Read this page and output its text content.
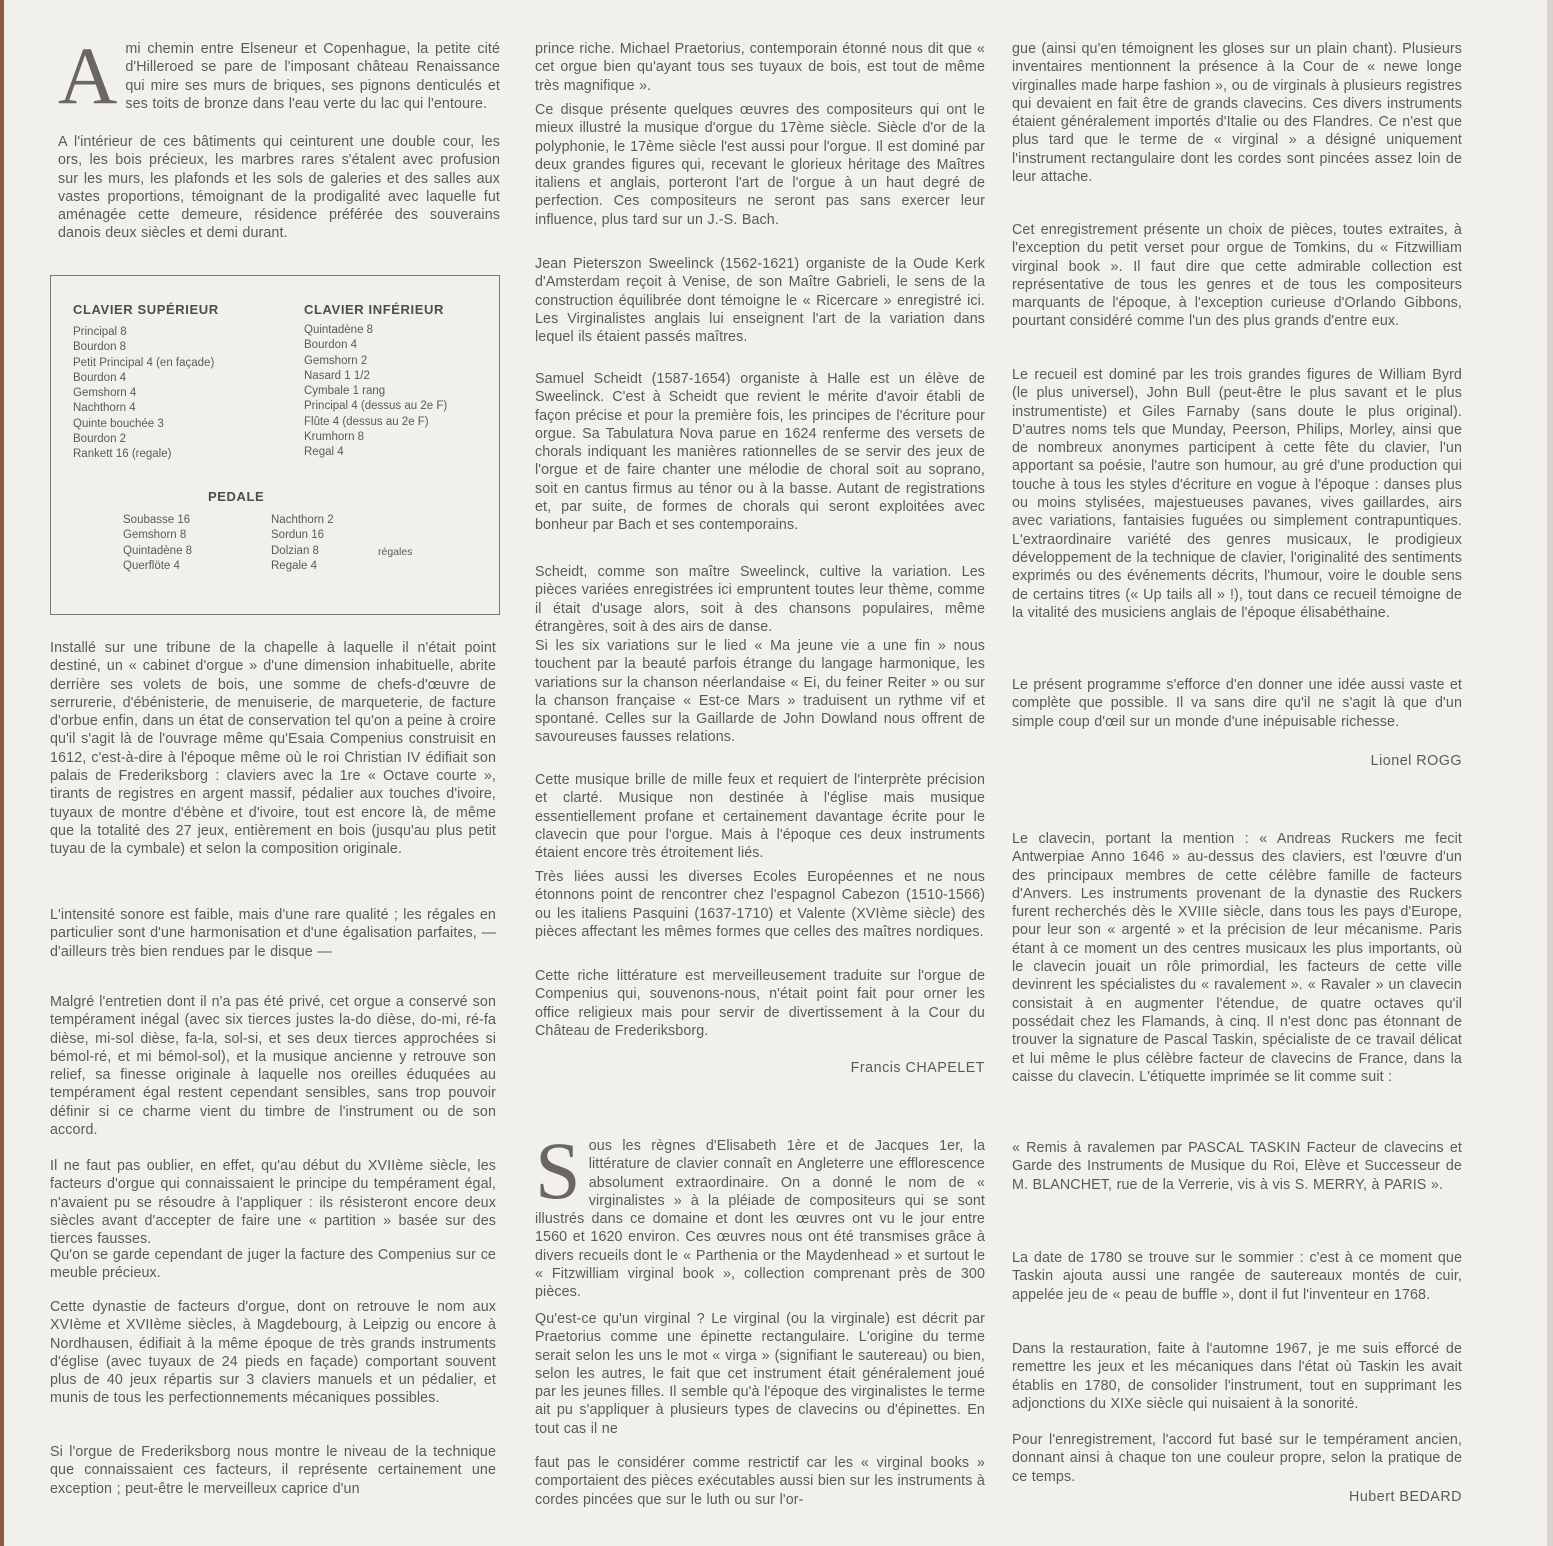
Ami chemin entre Elseneur et Copenhague, la petite cité d'Hilleroed se pare de l'imposant château Renaissance qui mire ses murs de briques, ses pignons denticulés et ses toits de bronze dans l'eau verte du lac qui l'entoure.

A l'intérieur de ces bâtiments qui ceinturent une double cour, les ors, les bois précieux, les marbres rares s'étalent avec profusion sur les murs, les plafonds et les sols de galeries et des salles aux vastes proportions, témoignant de la prodigalité avec laquelle fut aménagée cette demeure, résidence préférée des souverains danois deux siècles et demi durant.

CLAVIER SUPÉRIEUR
Principal 8
Bourdon 8
Petit Principal 4 (en façade)
Bourdon 4
Gemshorn 4
Nachthorn 4
Quinte bouchée 3
Bourdon 2
Rankett 16 (regale)
CLAVIER INFÉRIEUR
Quintadène 8
Bourdon 4
Gemshorn 2
Nasard 1 1/2
Cymbale 1 rang
Principal 4 (dessus au 2e F)
Flûte 4 (dessus au 2e F)
Krumhorn 8
Regal 4
PEDALE
Soubasse 16
Gemshorn 8
Quintadène 8
Querflöte 4
Nachthorn 2
Sordun 16
Dolzian 8
Regale 4
régales

Installé sur une tribune de la chapelle à laquelle il n'était point destiné, un « cabinet d'orgue » d'une dimension inhabituelle, abrite derrière ses volets de bois, une somme de chefs-d'œuvre de serrurerie, d'ébénisterie, de menuiserie, de marqueterie, de facture d'orbue enfin, dans un état de conservation tel qu'on a peine à croire qu'il s'agit là de l'ouvrage même qu'Esaia Compenius construisit en 1612, c'est-à-dire à l'époque même où le roi Christian IV édifiait son palais de Frederiksborg : claviers avec la 1re « Octave courte », tirants de registres en argent massif, pédalier aux touches d'ivoire, tuyaux de montre d'ébène et d'ivoire, tout est encore là, de même que la totalité des 27 jeux, entièrement en bois (jusqu'au plus petit tuyau de la cymbale) et selon la composition originale.

L'intensité sonore est faible, mais d'une rare qualité ; les régales en particulier sont d'une harmonisation et d'une égalisation parfaites, — d'ailleurs très bien rendues par le disque —

Malgré l'entretien dont il n'a pas été privé, cet orgue a conservé son tempérament inégal (avec six tierces justes la-do dièse, do-mi, ré-fa dièse, mi-sol dièse, fa-la, sol-si, et ses deux tierces approchées si bémol-ré, et mi bémol-sol), et la musique ancienne y retrouve son relief, sa finesse originale à laquelle nos oreilles éduquées au tempérament égal restent cependant sensibles, sans trop pouvoir définir si ce charme vient du timbre de l'instrument ou de son accord.

Il ne faut pas oublier, en effet, qu'au début du XVIIème siècle, les facteurs d'orgue qui connaissaient le principe du tempérament égal, n'avaient pu se résoudre à l'appliquer : ils résisteront encore deux siècles avant d'accepter de faire une « partition » basée sur des tierces fausses.

Qu'on se garde cependant de juger la facture des Compenius sur ce meuble précieux.

Cette dynastie de facteurs d'orgue, dont on retrouve le nom aux XVIème et XVIIème siècles, à Magdebourg, à Leipzig ou encore à Nordhausen, édifiait à la même époque de très grands instruments d'église (avec tuyaux de 24 pieds en façade) comportant souvent plus de 40 jeux répartis sur 3 claviers manuels et un pédalier, et munis de tous les perfectionnements mécaniques possibles.

Si l'orgue de Frederiksborg nous montre le niveau de la technique que connaissaient ces facteurs, il représente certainement une exception ; peut-être le merveilleux caprice d'un

prince riche. Michael Praetorius, contemporain étonné nous dit que « cet orgue bien qu'ayant tous ses tuyaux de bois, est tout de même très magnifique ».

Ce disque présente quelques œuvres des compositeurs qui ont le mieux illustré la musique d'orgue du 17ème siècle. Siècle d'or de la polyphonie, le 17ème siècle l'est aussi pour l'orgue. Il est dominé par deux grandes figures qui, recevant le glorieux héritage des Maîtres italiens et anglais, porteront l'art de l'orgue à un haut degré de perfection. Ces compositeurs ne seront pas sans exercer leur influence, plus tard sur un J.-S. Bach.

Jean Pieterszon Sweelinck (1562-1621) organiste de la Oude Kerk d'Amsterdam reçoit à Venise, de son Maître Gabrieli, le sens de la construction équilibrée dont témoigne le « Ricercare » enregistré ici. Les Virginalistes anglais lui enseignent l'art de la variation dans lequel ils étaient passés maîtres.

Samuel Scheidt (1587-1654) organiste à Halle est un élève de Sweelinck. C'est à Scheidt que revient le mérite d'avoir établi de façon précise et pour la première fois, les principes de l'écriture pour orgue. Sa Tabulatura Nova parue en 1624 renferme des versets de chorals indiquant les manières rationnelles de se servir des jeux de l'orgue et de faire chanter une mélodie de choral soit au soprano, soit en cantus firmus au ténor ou à la basse. Autant de registrations et, par suite, de formes de chorals qui seront exploitées avec bonheur par Bach et ses contemporains.

Scheidt, comme son maître Sweelinck, cultive la variation. Les pièces variées enregistrées ici empruntent toutes leur thème, comme il était d'usage alors, soit à des chansons populaires, même étrangères, soit à des airs de danse.

Si les six variations sur le lied « Ma jeune vie a une fin » nous touchent par la beauté parfois étrange du langage harmonique, les variations sur la chanson néerlandaise « Ei, du feiner Reiter » ou sur la chanson française « Est-ce Mars » traduisent un rythme vif et spontané. Celles sur la Gaillarde de John Dowland nous offrent de savoureuses fausses relations.

Cette musique brille de mille feux et requiert de l'interprète précision et clarté. Musique non destinée à l'église mais musique essentiellement profane et certainement davantage écrite pour le clavecin que pour l'orgue. Mais à l'époque ces deux instruments étaient encore très étroitement liés.

Très liées aussi les diverses Ecoles Européennes et ne nous étonnons point de rencontrer chez l'espagnol Cabezon (1510-1566) ou les italiens Pasquini (1637-1710) et Valente (XVIème siècle) des pièces affectant les mêmes formes que celles des maîtres nordiques.

Cette riche littérature est merveilleusement traduite sur l'orgue de Compenius qui, souvenons-nous, n'était point fait pour orner les office religieux mais pour servir de divertissement à la Cour du Château de Frederiksborg.

Francis CHAPELET

Sous les règnes d'Elisabeth 1ère et de Jacques 1er, la littérature de clavier connaît en Angleterre une efflorescence absolument extraordinaire. On a donné le nom de « virginalistes » à la pléiade de compositeurs qui se sont illustrés dans ce domaine et dont les œuvres ont vu le jour entre 1560 et 1620 environ. Ces œuvres nous ont été transmises grâce à divers recueils dont le « Parthenia or the Maydenhead » et surtout le « Fitzwilliam virginal book », collection comprenant près de 300 pièces.

Qu'est-ce qu'un virginal ? Le virginal (ou la virginale) est décrit par Praetorius comme une épinette rectangulaire. L'origine du terme serait selon les uns le mot « virga » (signifiant le sautereau) ou bien, selon les autres, le fait que cet instrument était généralement joué par les jeunes filles. Il semble qu'à l'époque des virginalistes le terme ait pu s'appliquer à plusieurs types de clavecins ou d'épinettes. En tout cas il ne

faut pas le considérer comme restrictif car les « virginal books » comportaient des pièces exécutables aussi bien sur les instruments à cordes pincées que sur le luth ou sur l'or-

gue (ainsi qu'en témoignent les gloses sur un plain chant). Plusieurs inventaires mentionnent la présence à la Cour de « newe longe virginalles made harpe fashion », ou de virginals à plusieurs registres qui devaient en fait être de grands clavecins. Ces divers instruments étaient généralement importés d'Italie ou des Flandres. Ce n'est que plus tard que le terme de « virginal » a désigné uniquement l'instrument rectangulaire dont les cordes sont pincées assez loin de leur attache.

Cet enregistrement présente un choix de pièces, toutes extraites, à l'exception du petit verset pour orgue de Tomkins, du « Fitzwilliam virginal book ». Il faut dire que cette admirable collection est représentative de tous les genres et de tous les compositeurs marquants de l'époque, à l'exception curieuse d'Orlando Gibbons, pourtant considéré comme l'un des plus grands d'entre eux.

Le recueil est dominé par les trois grandes figures de William Byrd (le plus universel), John Bull (peut-être le plus savant et le plus instrumentiste) et Giles Farnaby (sans doute le plus original). D'autres noms tels que Munday, Peerson, Philips, Morley, ainsi que de nombreux anonymes participent à cette fête du clavier, l'un apportant sa poésie, l'autre son humour, au gré d'une production qui touche à tous les styles d'écriture en vogue à l'époque : danses plus ou moins stylisées, majestueuses pavanes, vives gaillardes, airs avec variations, fantaisies fuguées ou simplement contrapuntiques. L'extraordinaire variété des genres musicaux, le prodigieux développement de la technique de clavier, l'originalité des sentiments exprimés ou des événements décrits, l'humour, voire le double sens de certains titres (« Up tails all » !), tout dans ce recueil témoigne de la vitalité des musiciens anglais de l'époque élisabéthaine.

Le présent programme s'efforce d'en donner une idée aussi vaste et complète que possible. Il va sans dire qu'il ne s'agit là que d'un simple coup d'œil sur un monde d'une inépuisable richesse.

Lionel ROGG

Le clavecin, portant la mention : « Andreas Ruckers me fecit Antwerpiae Anno 1646 » au-dessus des claviers, est l'œuvre d'un des principaux membres de cette célèbre famille de facteurs d'Anvers. Les instruments provenant de la dynastie des Ruckers furent recherchés dès le XVIIIe siècle, dans tous les pays d'Europe, pour leur son « argenté » et la précision de leur mécanisme. Paris étant à ce moment un des centres musicaux les plus importants, où le clavecin jouait un rôle primordial, les facteurs de cette ville devinrent les spécialistes du « ravalement ». « Ravaler » un clavecin consistait à en augmenter l'étendue, de quatre octaves qu'il possédait chez les Flamands, à cinq. Il n'est donc pas étonnant de trouver la signature de Pascal Taskin, spécialiste de ce travail délicat et lui même le plus célèbre facteur de clavecins de France, dans la caisse du clavecin. L'étiquette imprimée se lit comme suit :

« Remis à ravalemen par PASCAL TASKIN Facteur de clavecins et Garde des Instruments de Musique du Roi, Elève et Successeur de M. BLANCHET, rue de la Verrerie, vis à vis S. MERRY, à PARIS ».

La date de 1780 se trouve sur le sommier : c'est à ce moment que Taskin ajouta aussi une rangée de sautereaux montés de cuir, appelée jeu de « peau de buffle », dont il fut l'inventeur en 1768.

Dans la restauration, faite à l'automne 1967, je me suis efforcé de remettre les jeux et les mécaniques dans l'état où Taskin les avait établis en 1780, de consolider l'instrument, tout en supprimant les adjonctions du XIXe siècle qui nuisaient à la sonorité.

Pour l'enregistrement, l'accord fut basé sur le tempérament ancien, donnant ainsi à chaque ton une couleur propre, selon la pratique de ce temps.

Hubert BEDARD
